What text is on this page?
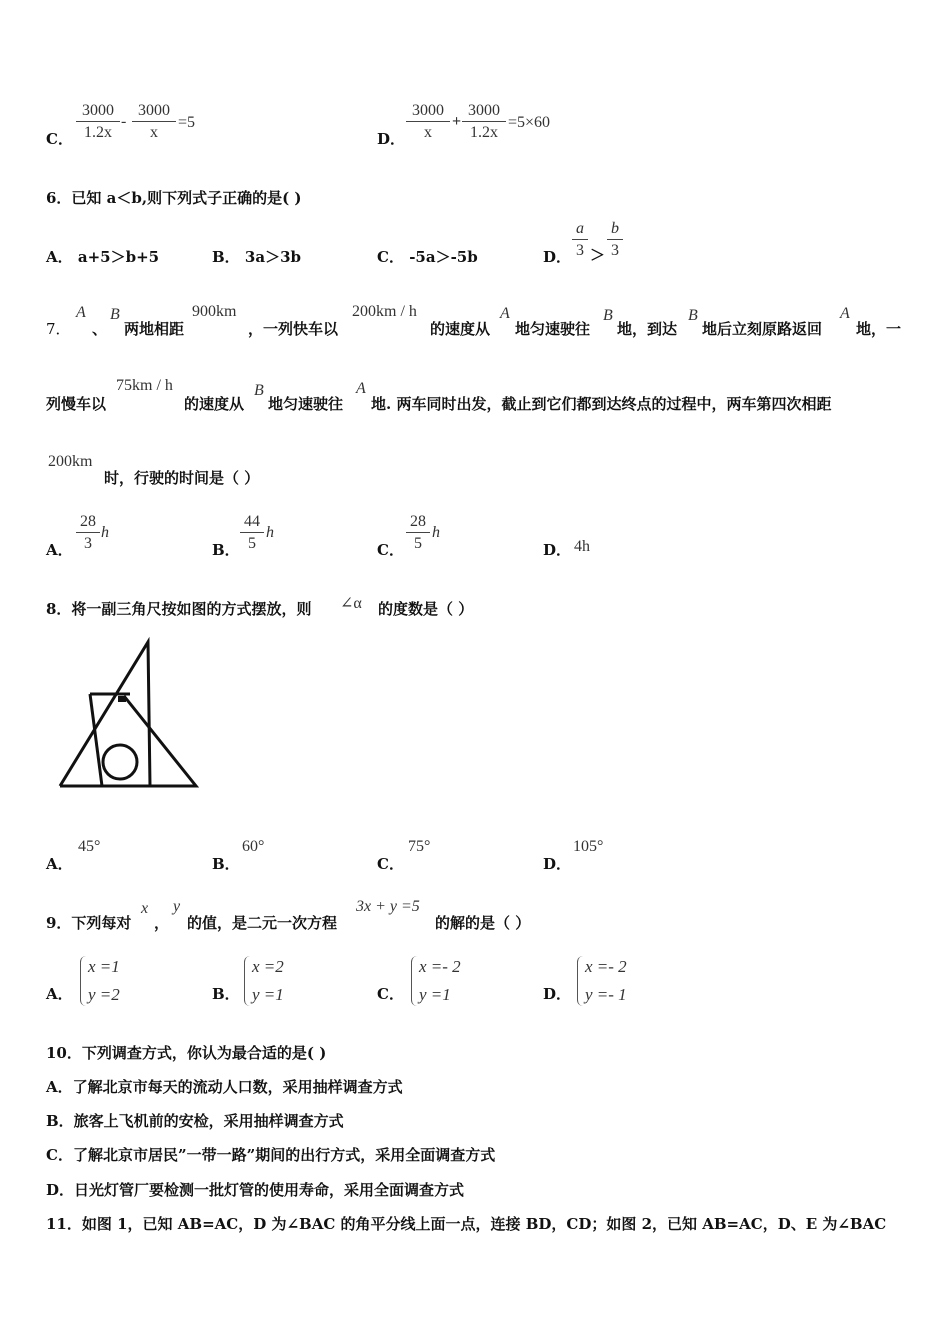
C． $\frac{3000}{1.2x} - \frac{3000}{x} =5$
D． $\frac{3000}{x} + \frac{3000}{1.2x} =5\times 60$
6．已知 a＜b,则下列式子正确的是( )
A． a+5＞b+5	B． 3a＞3b	C． -5a＞-5b	D． $\frac{a}{3} > \frac{b}{3}$
7．
A
、
B
两地相距
900km
，一列快车以
200km / h
的速度从
A
地匀速驶往
B
地，到达
B
地后立刻原路返回
A
地，一
列慢车以
75km / h
的速度从
B
地匀速驶往
A
地. 两车同时出发，截止到它们都到达终点的过程中，两车第四次相距
200km
时，行驶的时间是（ ）
A． $\frac{28}{3}$ h
B． $\frac{44}{5}$ h
C． $\frac{28}{5}$ h
D． 4h
8．将一副三角尺按如图的方式摆放，则 ∠α 的度数是（ ）
A．
45°
B．
60°
C．
75°
D．
105°
9．下列每对
x
，
y
的值，是二元一次方程
3x + y =5
的解的是（ ）
A．
x =1
y =2	B．
x =2
y =1	C．
x =- 2
y =1	D．
x =- 2
y =- 1
10．下列调查方式，你认为最合适的是( )
A．了解北京市每天的流动人口数，采用抽样调查方式
B．旅客上飞机前的安检，采用抽样调查方式
C．了解北京市居民”一带一路”期间的出行方式，采用全面调查方式
D．日光灯管厂要检测一批灯管的使用寿命，采用全面调查方式
11．如图 1，已知 AB=AC，D 为∠BAC 的角平分线上面一点，连接 BD，CD；如图 2，已知 AB=AC，D、E 为∠BAC
